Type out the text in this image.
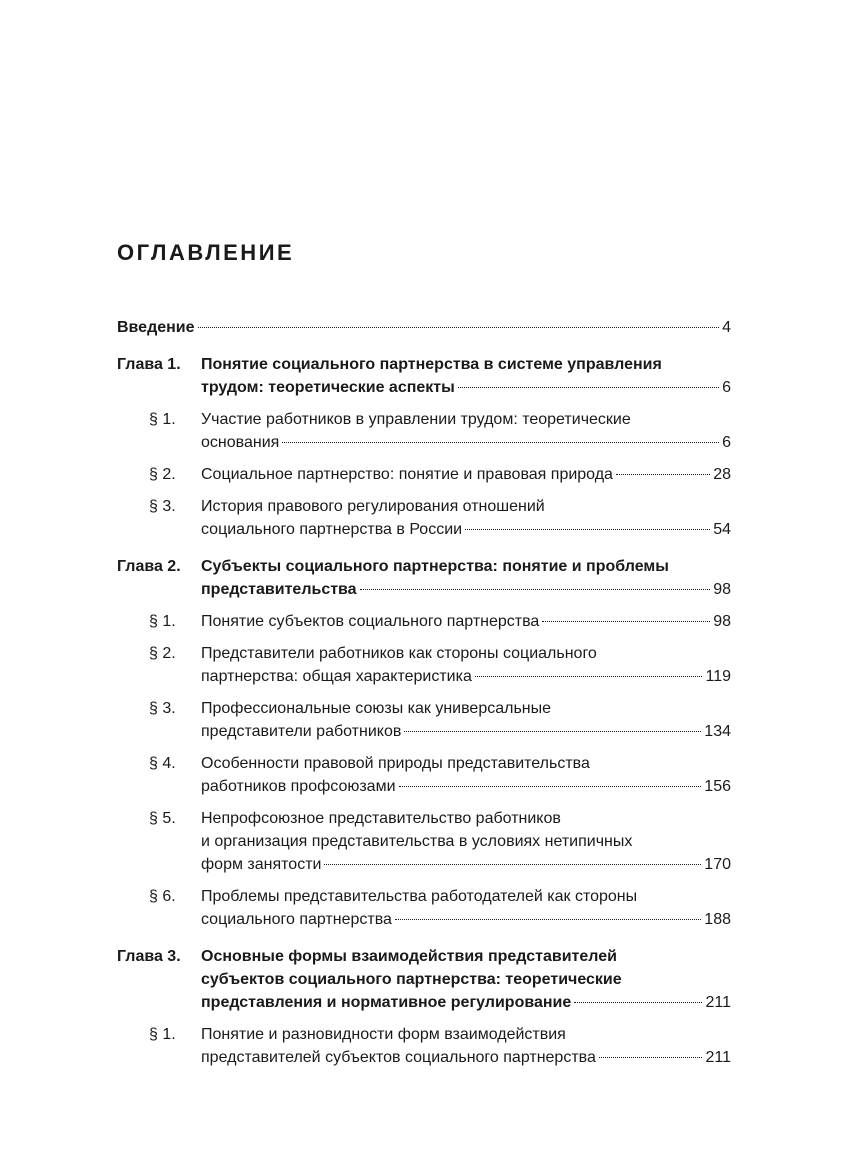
ОГЛАВЛЕНИЕ
Введение	4
Глава 1.	Понятие социального партнерства в системе управления
трудом: теоретические аспекты	6
§ 1.	Участие работников в управлении трудом: теоретические
основания	6
§ 2.	Социальное партнерство: понятие и правовая природа	28
§ 3.	История правового регулирования отношений
социального партнерства в России	54
Глава 2.	Субъекты социального партнерства: понятие и проблемы
представительства	98
§ 1.	Понятие субъектов социального партнерства	98
§ 2.	Представители работников как стороны социального
партнерства: общая характеристика	119
§ 3.	Профессиональные союзы как универсальные
представители работников	134
§ 4.	Особенности правовой природы представительства
работников профсоюзами	156
§ 5.	Непрофсоюзное представительство работников
и организация представительства в условиях нетипичных
форм занятости	170
§ 6.	Проблемы представительства работодателей как стороны
социального партнерства	188
Глава 3.	Основные формы взаимодействия представителей
субъектов социального партнерства: теоретические
представления и нормативное регулирование	211
§ 1.	Понятие и разновидности форм взаимодействия
представителей субъектов социального партнерства	211
